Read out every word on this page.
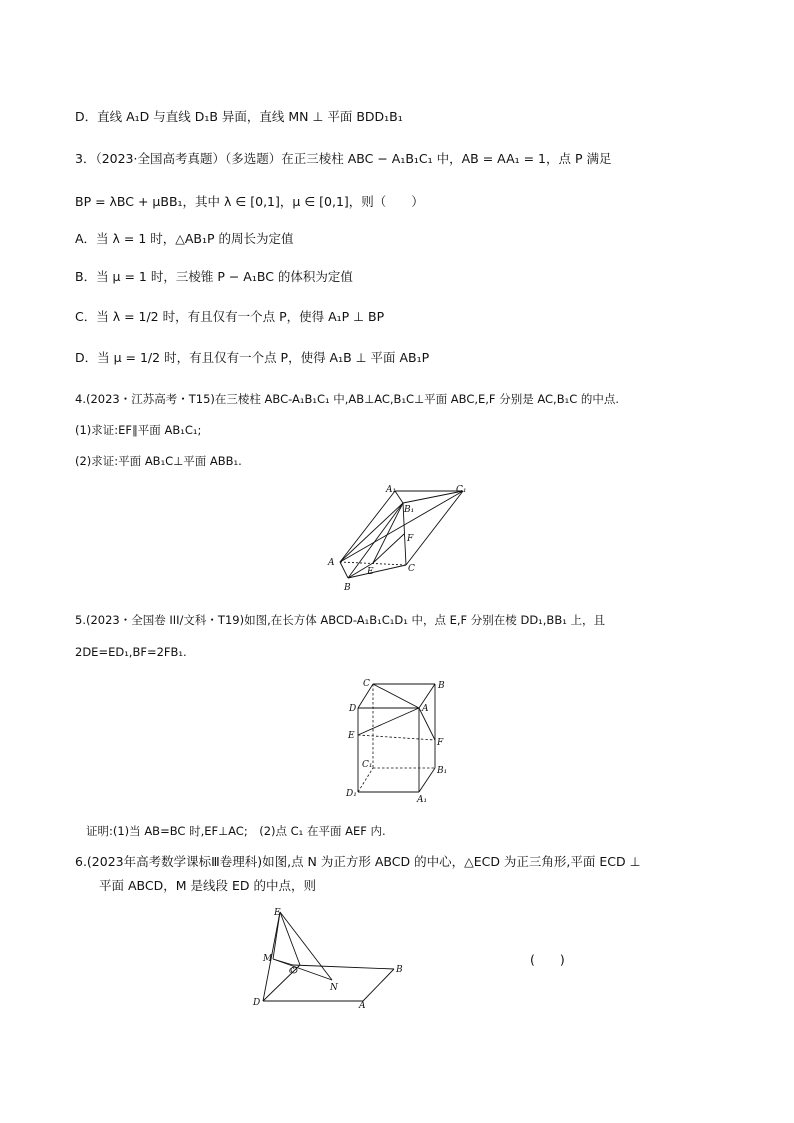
D．直线 A₁D 与直线 D₁B 异面，直线 MN ⊥ 平面 BDD₁B₁
3．（2023·全国高考真题）（多选题）在正三棱柱 ABC − A₁B₁C₁ 中，AB = AA₁ = 1，点 P 满足
BP = λBC + μBB₁，其中 λ ∈ [0,1]，μ ∈ [0,1]，则（　　）
A．当 λ = 1 时，△AB₁P 的周长为定值
B．当 μ = 1 时，三棱锥 P − A₁BC 的体积为定值
C．当 λ = 1/2 时，有且仅有一个点 P，使得 A₁P ⊥ BP
D．当 μ = 1/2 时，有且仅有一个点 P，使得 A₁B ⊥ 平面 AB₁P
4.(2023・江苏高考・T15)在三棱柱 ABC-A₁B₁C₁ 中,AB⊥AC,B₁C⊥平面 ABC,E,F 分别是 AC,B₁C 的中点.
(1)求证:EF∥平面 AB₁C₁;
(2)求证:平面 AB₁C⊥平面 ABB₁.
A₁	C₁
B₁
F
A
E	C
B
5.(2023・全国卷 III/文科・T19)如图,在长方体 ABCD-A₁B₁C₁D₁ 中，点 E,F 分别在棱 DD₁,BB₁ 上，且
2DE=ED₁,BF=2FB₁.
C	B
D	A
E
F
C₁
B₁
D₁
A₁
证明:(1)当 AB=BC 时,EF⊥AC;　(2)点 C₁ 在平面 AEF 内.
6.(2023年高考数学课标Ⅲ卷理科)如图,点 N 为正方形 ABCD 的中心，△ECD 为正三角形,平面 ECD ⊥
平面 ABCD，M 是线段 ED 的中点，则
E
M
C	B
N
D	A
(　　)
